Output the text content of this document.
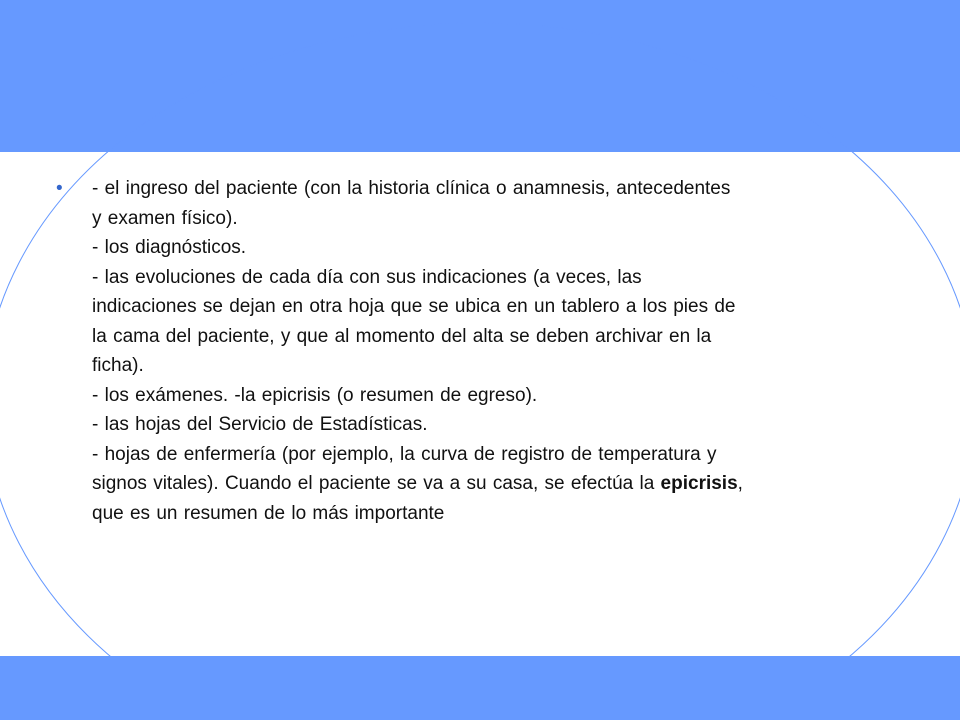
• - el ingreso del paciente (con la historia clínica o anamnesis, antecedentes
y examen físico).
- los diagnósticos.
- las evoluciones de cada día con sus indicaciones (a veces, las
indicaciones se dejan en otra hoja que se ubica en un tablero a los pies de
la cama del paciente, y que al momento del alta se deben archivar en la
ficha).
- los exámenes. -la epicrisis (o resumen de egreso).
- las hojas del Servicio de Estadísticas.
- hojas de enfermería (por ejemplo, la curva de registro de temperatura y
signos vitales). Cuando el paciente se va a su casa, se efectúa la epicrisis,
que es un resumen de lo más importante
